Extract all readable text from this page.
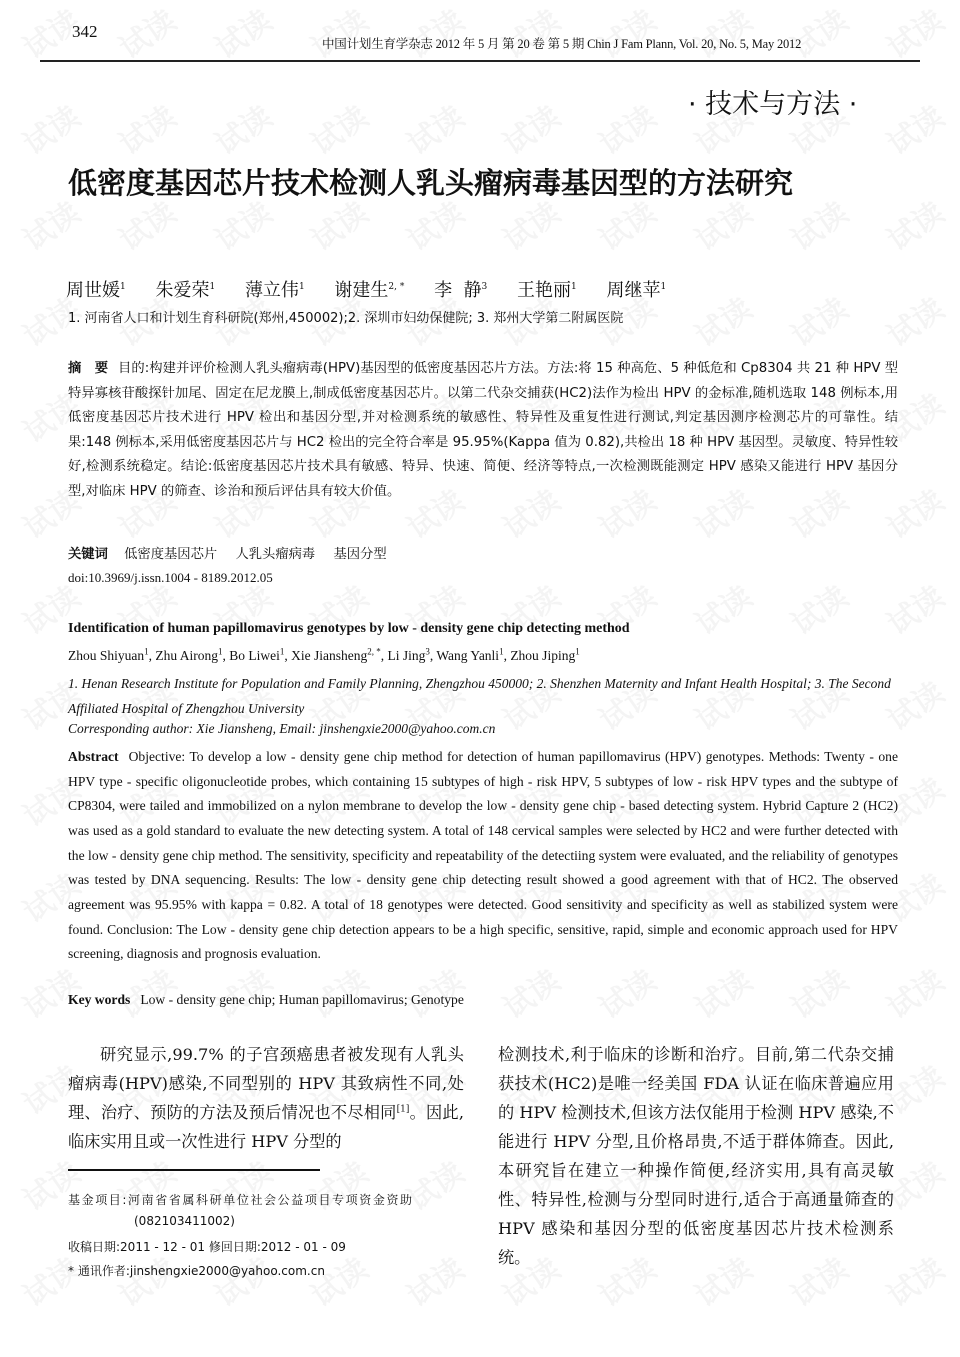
342
中国计划生育学杂志 2012 年 5 月 第 20 卷 第 5 期 Chin J Fam Plann, Vol. 20, No. 5, May 2012
· 技术与方法 ·
低密度基因芯片技术检测人乳头瘤病毒基因型的方法研究
周世媛$^1$ 朱爱荣$^1$ 薄立伟$^1$ 谢建生$^{2, *}$ 李  静$^3$ 王艳丽$^1$ 周继苹$^1$
1. 河南省人口和计划生育科研院(郑州,450002);2. 深圳市妇幼保健院; 3. 郑州大学第二附属医院
摘　要 目的:构建并评价检测人乳头瘤病毒(HPV)基因型的低密度基因芯片方法。方法:将 15 种高危、5 种低危和 Cp8304 共 21 种 HPV 型特异寡核苷酸探针加尾、固定在尼龙膜上,制成低密度基因芯片。以第二代杂交捕获(HC2)法作为检出 HPV 的金标准,随机选取 148 例标本,用低密度基因芯片技术进行 HPV 检出和基因分型,并对检测系统的敏感性、特异性及重复性进行测试,判定基因测序检测芯片的可靠性。结果:148 例标本,采用低密度基因芯片与 HC2 检出的完全符合率是 95.95%(Kappa 值为 0.82),共检出 18 种 HPV 基因型。灵敏度、特异性较好,检测系统稳定。结论:低密度基因芯片技术具有敏感、特异、快速、简便、经济等特点,一次检测既能测定 HPV 感染又能进行 HPV 基因分型,对临床 HPV 的筛查、诊治和预后评估具有较大价值。
关键词 低密度基因芯片 人乳头瘤病毒 基因分型
doi:10.3969/j.issn.1004 - 8189.2012.05
Identification of human papillomavirus genotypes by low - density gene chip detecting method
Zhou Shiyuan$^1$, Zhu Airong$^1$, Bo Liwei$^1$, Xie Jiansheng$^{2, *}$, Li Jing$^3$, Wang Yanli$^1$, Zhou Jiping$^1$
1. Henan Research Institute for Population and Family Planning, Zhengzhou 450000; 2. Shenzhen Maternity and Infant Health Hospital; 3. The Second Affiliated Hospital of Zhengzhou University
Corresponding author: Xie Jiansheng, Email: jinshengxie2000@yahoo.com.cn
Abstract Objective: To develop a low - density gene chip method for detection of human papillomavirus (HPV) genotypes. Methods: Twenty - one HPV type - specific oligonucleotide probes, which containing 15 subtypes of high - risk HPV, 5 subtypes of low - risk HPV types and the subtype of CP8304, were tailed and immobilized on a nylon membrane to develop the low - density gene chip - based detecting system. Hybrid Capture 2 (HC2) was used as a gold standard to evaluate the new detecting system. A total of 148 cervical samples were selected by HC2 and were further detected with the low - density gene chip method. The sensitivity, specificity and repeatability of the detectiing system were evaluated, and the reliability of genotypes was tested by DNA sequencing. Results: The low - density gene chip detecting result showed a good agreement with that of HC2. The observed agreement was 95.95% with kappa = 0.82. A total of 18 genotypes were detected. Good sensitivity and specificity as well as stabilized system were found. Conclusion: The Low - density gene chip detection appears to be a high specific, sensitive, rapid, simple and economic approach used for HPV screening, diagnosis and prognosis evaluation.
Key words Low - density gene chip; Human papillomavirus; Genotype
研究显示,99.7% 的子宫颈癌患者被发现有人乳头瘤病毒(HPV)感染,不同型别的 HPV 其致病性不同,处理、治疗、预防的方法及预后情况也不尽相同[1]。因此,临床实用且或一次性进行 HPV 分型的
检测技术,利于临床的诊断和治疗。目前,第二代杂交捕获技术(HC2)是唯一经美国 FDA 认证在临床普遍应用的 HPV 检测技术,但该方法仅能用于检测 HPV 感染,不能进行 HPV 分型,且价格昂贵,不适于群体筛查。因此,本研究旨在建立一种操作简便,经济实用,具有高灵敏性、特异性,检测与分型同时进行,适合于高通量筛查的 HPV 感染和基因分型的低密度基因芯片技术检测系统。
基金项目:河南省省属科研单位社会公益项目专项资金资助
(082103411002)
收稿日期:2011 - 12 - 01 修回日期:2012 - 01 - 09
* 通讯作者:jinshengxie2000@yahoo.com.cn
